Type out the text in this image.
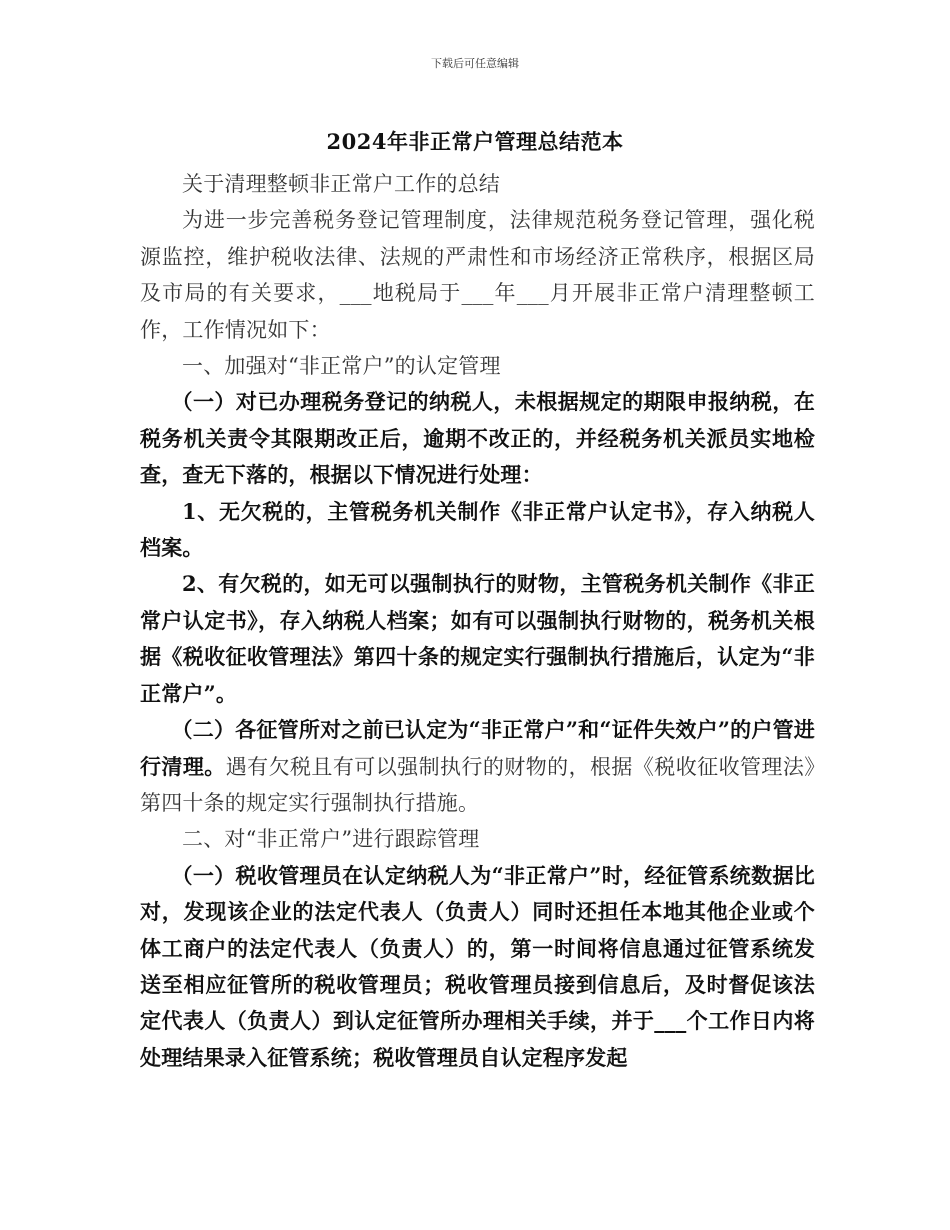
下载后可任意编辑
2024年非正常户管理总结范本

关于清理整顿非正常户工作的总结

为进一步完善税务登记管理制度，法律规范税务登记管理，强化税源监控，维护税收法律、法规的严肃性和市场经济正常秩序，根据区局及市局的有关要求，___地税局于___年___月开展非正常户清理整顿工作，工作情况如下：

一、加强对“非正常户”的认定管理

（一）对已办理税务登记的纳税人，未根据规定的期限申报纳税，在税务机关责令其限期改正后，逾期不改正的，并经税务机关派员实地检查，查无下落的，根据以下情况进行处理：

1、无欠税的，主管税务机关制作《非正常户认定书》，存入纳税人档案。

2、有欠税的，如无可以强制执行的财物，主管税务机关制作《非正常户认定书》，存入纳税人档案；如有可以强制执行财物的，税务机关根据《税收征收管理法》第四十条的规定实行强制执行措施后，认定为“非正常户”。

（二）各征管所对之前已认定为“非正常户”和“证件失效户”的户管进行清理。遇有欠税且有可以强制执行的财物的，根据《税收征收管理法》第四十条的规定实行强制执行措施。

二、对“非正常户”进行跟踪管理

（一）税收管理员在认定纳税人为“非正常户”时，经征管系统数据比对，发现该企业的法定代表人（负责人）同时还担任本地其他企业或个体工商户的法定代表人（负责人）的，第一时间将信息通过征管系统发送至相应征管所的税收管理员；税收管理员接到信息后，及时督促该法定代表人（负责人）到认定征管所办理相关手续，并于___个工作日内将处理结果录入征管系统；税收管理员自认定程序发起
